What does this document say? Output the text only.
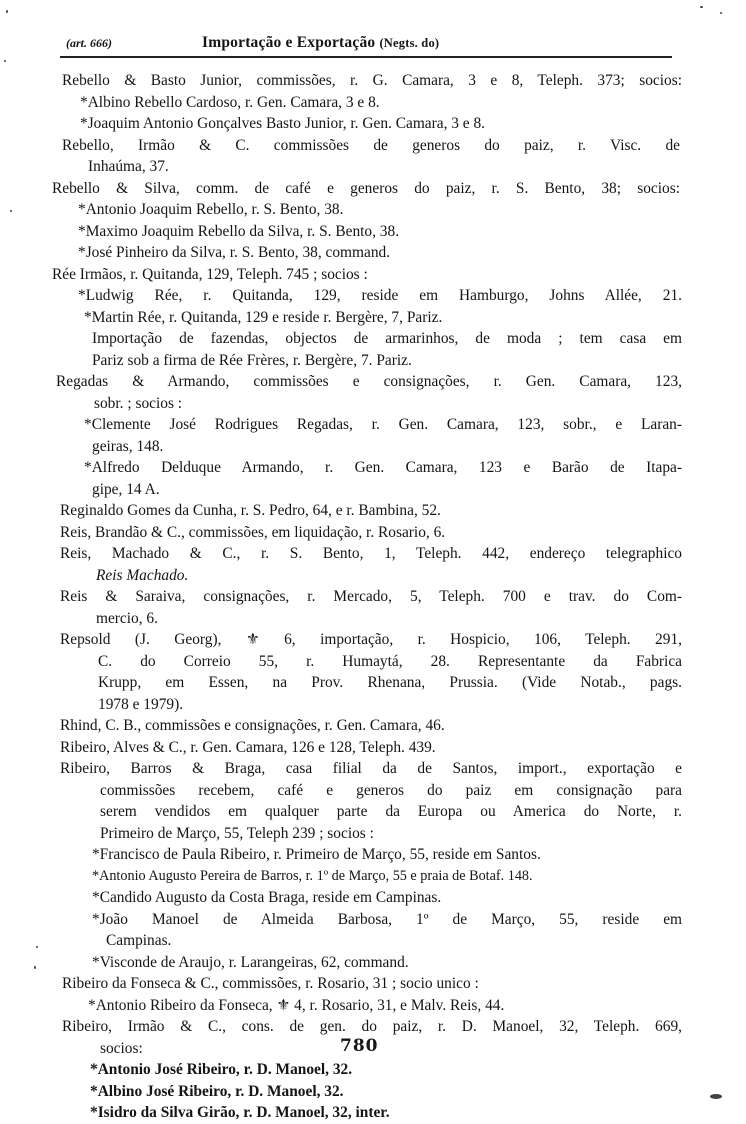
(art. 666)	Importação e Exportação (Negts. do)
Rebello & Basto Junior, commissões, r. G. Camara, 3 e 8, Teleph. 373; socios:
*Albino Rebello Cardoso, r. Gen. Camara, 3 e 8.
*Joaquim Antonio Gonçalves Basto Junior, r. Gen. Camara, 3 e 8.
Rebello, Irmão & C. commissões de generos do paiz, r. Visc. de
Inhaúma, 37.
Rebello & Silva, comm. de café e generos do paiz, r. S. Bento, 38; socios:
*Antonio Joaquim Rebello, r. S. Bento, 38.
*Maximo Joaquim Rebello da Silva, r. S. Bento, 38.
*José Pinheiro da Silva, r. S. Bento, 38, command.
Rée Irmãos, r. Quitanda, 129, Teleph. 745 ; socios :
*Ludwig Rée, r. Quitanda, 129, reside em Hamburgo, Johns Allée, 21.
*Martin Rée, r. Quitanda, 129 e reside r. Bergère, 7, Pariz.
Importação de fazendas, objectos de armarinhos, de moda ; tem casa em
Pariz sob a firma de Rée Frères, r. Bergère, 7. Pariz.
Regadas & Armando, commissões e consignações, r. Gen. Camara, 123,
sobr. ; socios :
*Clemente José Rodrigues Regadas, r. Gen. Camara, 123, sobr., e Laran-
geiras, 148.
*Alfredo Delduque Armando, r. Gen. Camara, 123 e Barão de Itapa-
gipe, 14 A.
Reginaldo Gomes da Cunha, r. S. Pedro, 64, e r. Bambina, 52.
Reis, Brandão & C., commissões, em liquidação, r. Rosario, 6.
Reis, Machado & C., r. S. Bento, 1, Teleph. 442, endereço telegraphico
Reis Machado.
Reis & Saraiva, consignações, r. Mercado, 5, Teleph. 700 e trav. do Com-
mercio, 6.
Repsold (J. Georg), ⚜ 6, importação, r. Hospicio, 106, Teleph. 291,
C. do Correio 55, r. Humaytá, 28. Representante da Fabrica
Krupp, em Essen, na Prov. Rhenana, Prussia. (Vide Notab., pags.
1978 e 1979).
Rhind, C. B., commissões e consignações, r. Gen. Camara, 46.
Ribeiro, Alves & C., r. Gen. Camara, 126 e 128, Teleph. 439.
Ribeiro, Barros & Braga, casa filial da de Santos, import., exportação e
commissões recebem, café e generos do paiz em consignação para
serem vendidos em qualquer parte da Europa ou America do Norte, r.
Primeiro de Março, 55, Teleph 239 ; socios :
*Francisco de Paula Ribeiro, r. Primeiro de Março, 55, reside em Santos.
*Antonio Augusto Pereira de Barros, r. 1º de Março, 55 e praia de Botaf. 148.
*Candido Augusto da Costa Braga, reside em Campinas.
*João Manoel de Almeida Barbosa, 1º de Março, 55, reside em
Campinas.
*Visconde de Araujo, r. Larangeiras, 62, command.
Ribeiro da Fonseca & C., commissões, r. Rosario, 31 ; socio unico :
*Antonio Ribeiro da Fonseca, ⚜ 4, r. Rosario, 31, e Malv. Reis, 44.
Ribeiro, Irmão & C., cons. de gen. do paiz, r. D. Manoel, 32, Teleph. 669,
socios:
*Antonio José Ribeiro, r. D. Manoel, 32.
*Albino José Ribeiro, r. D. Manoel, 32.
*Isidro da Silva Girão, r. D. Manoel, 32, inter.
780
